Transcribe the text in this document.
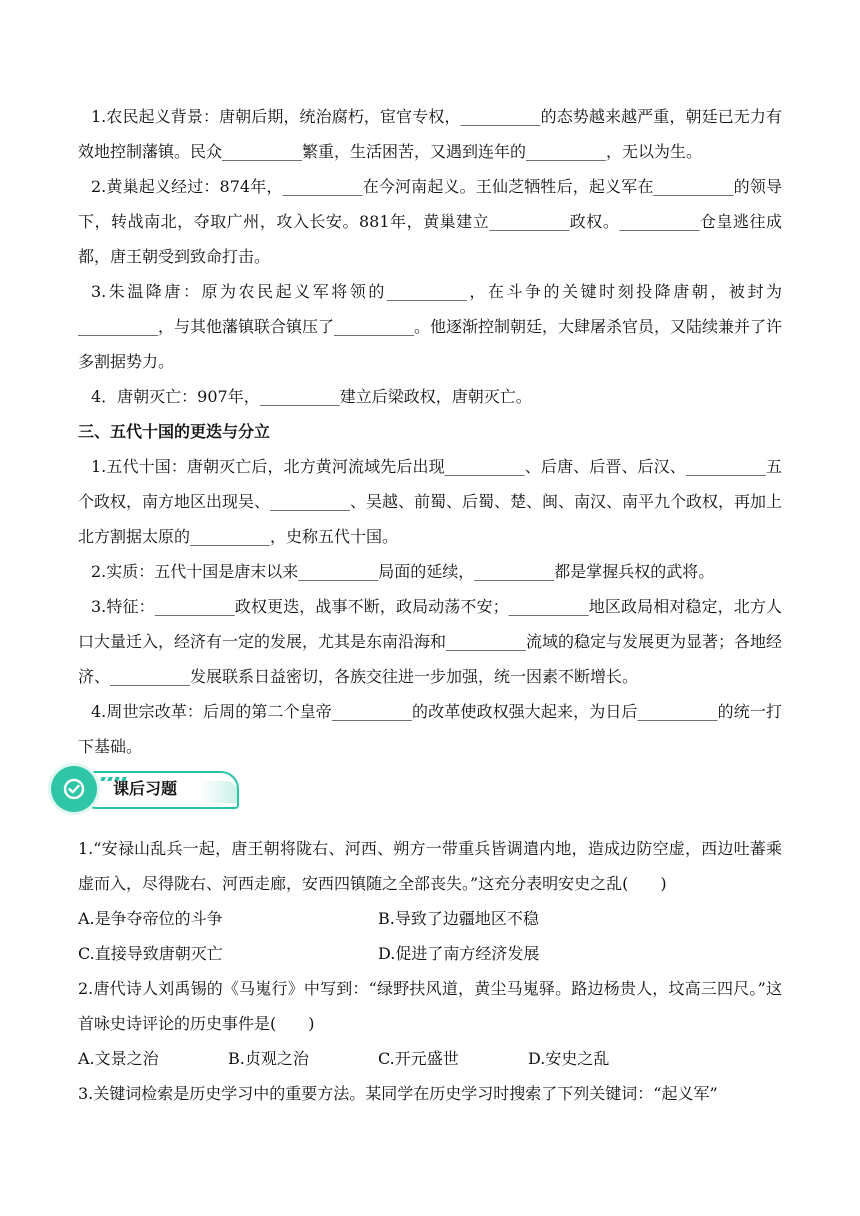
1.农民起义背景：唐朝后期，统治腐朽，宦官专权，__________的态势越来越严重，朝廷已无力有效地控制藩镇。民众__________繁重，生活困苦，又遇到连年的__________，无以为生。

2.黄巢起义经过：874年，__________在今河南起义。王仙芝牺牲后，起义军在__________的领导下，转战南北，夺取广州，攻入长安。881年，黄巢建立__________政权。__________仓皇逃往成都，唐王朝受到致命打击。

3.朱温降唐：原为农民起义军将领的__________，在斗争的关键时刻投降唐朝，被封为__________，与其他藩镇联合镇压了__________。他逐渐控制朝廷，大肆屠杀官员，又陆续兼并了许多割据势力。

4．唐朝灭亡：907年，__________建立后梁政权，唐朝灭亡。

三、五代十国的更迭与分立

1.五代十国：唐朝灭亡后，北方黄河流域先后出现__________、后唐、后晋、后汉、__________五个政权，南方地区出现吴、__________、吴越、前蜀、后蜀、楚、闽、南汉、南平九个政权，再加上北方割据太原的__________，史称五代十国。

2.实质：五代十国是唐末以来__________局面的延续，__________都是掌握兵权的武将。

3.特征：__________政权更迭，战事不断，政局动荡不安；__________地区政局相对稳定，北方人口大量迁入，经济有一定的发展，尤其是东南沿海和__________流域的稳定与发展更为显著；各地经济、__________发展联系日益密切，各族交往进一步加强，统一因素不断增长。

4.周世宗改革：后周的第二个皇帝__________的改革使政权强大起来，为日后__________的统一打下基础。

课后习题

1.“安禄山乱兵一起，唐王朝将陇右、河西、朔方一带重兵皆调遣内地，造成边防空虚，西边吐蕃乘虚而入，尽得陇右、河西走廊，安西四镇随之全部丧失。”这充分表明安史之乱(　　)

A.是争夺帝位的斗争	B.导致了边疆地区不稳
C.直接导致唐朝灭亡	D.促进了南方经济发展

2.唐代诗人刘禹锡的《马嵬行》中写到：“绿野扶风道，黄尘马嵬驿。路边杨贵人，坟高三四尺。”这首咏史诗评论的历史事件是(　　)

A.文景之治	B.贞观之治	C.开元盛世	D.安史之乱

3.关键词检索是历史学习中的重要方法。某同学在历史学习时搜索了下列关键词：“起义军”
